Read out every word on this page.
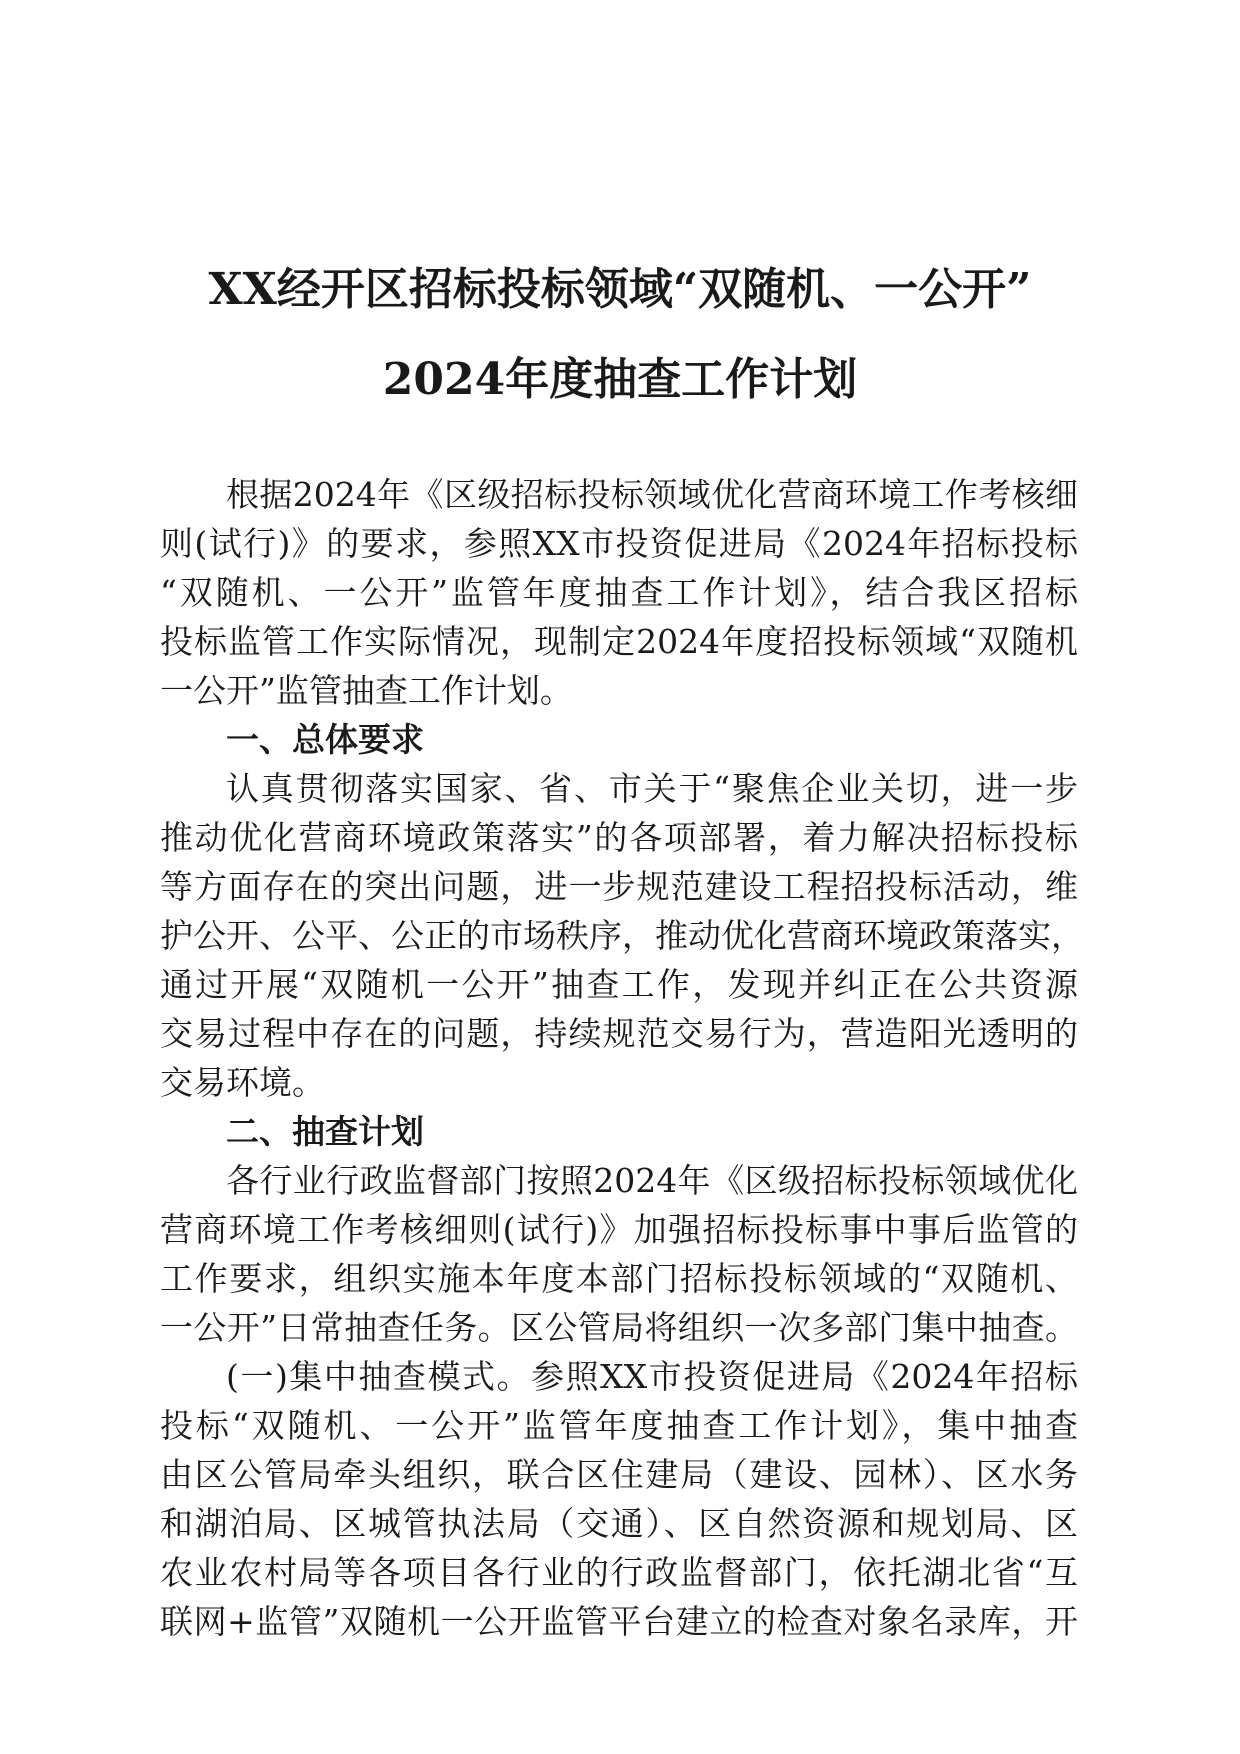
XX经开区招标投标领域“双随机、一公开”
2024年度抽查工作计划
根据2024年《区级招标投标领域优化营商环境工作考核细
则(试行)》的要求，参照XX市投资促进局《2024年招标投标
“双随机、一公开”监管年度抽查工作计划》，结合我区招标
投标监管工作实际情况，现制定2024年度招投标领域“双随机
一公开”监管抽查工作计划。
一、总体要求
认真贯彻落实国家、省、市关于“聚焦企业关切，进一步
推动优化营商环境政策落实”的各项部署，着力解决招标投标
等方面存在的突出问题，进一步规范建设工程招投标活动，维
护公开、公平、公正的市场秩序，推动优化营商环境政策落实，
通过开展“双随机一公开”抽查工作，发现并纠正在公共资源
交易过程中存在的问题，持续规范交易行为，营造阳光透明的
交易环境。
二、抽查计划
各行业行政监督部门按照2024年《区级招标投标领域优化
营商环境工作考核细则(试行)》加强招标投标事中事后监管的
工作要求，组织实施本年度本部门招标投标领域的“双随机、
一公开”日常抽查任务。区公管局将组织一次多部门集中抽查。
(一)集中抽查模式。参照XX市投资促进局《2024年招标
投标“双随机、一公开”监管年度抽查工作计划》，集中抽查
由区公管局牵头组织，联合区住建局（建设、园林）、区水务
和湖泊局、区城管执法局（交通）、区自然资源和规划局、区
农业农村局等各项目各行业的行政监督部门，依托湖北省“互
联网+监管”双随机一公开监管平台建立的检查对象名录库，开
